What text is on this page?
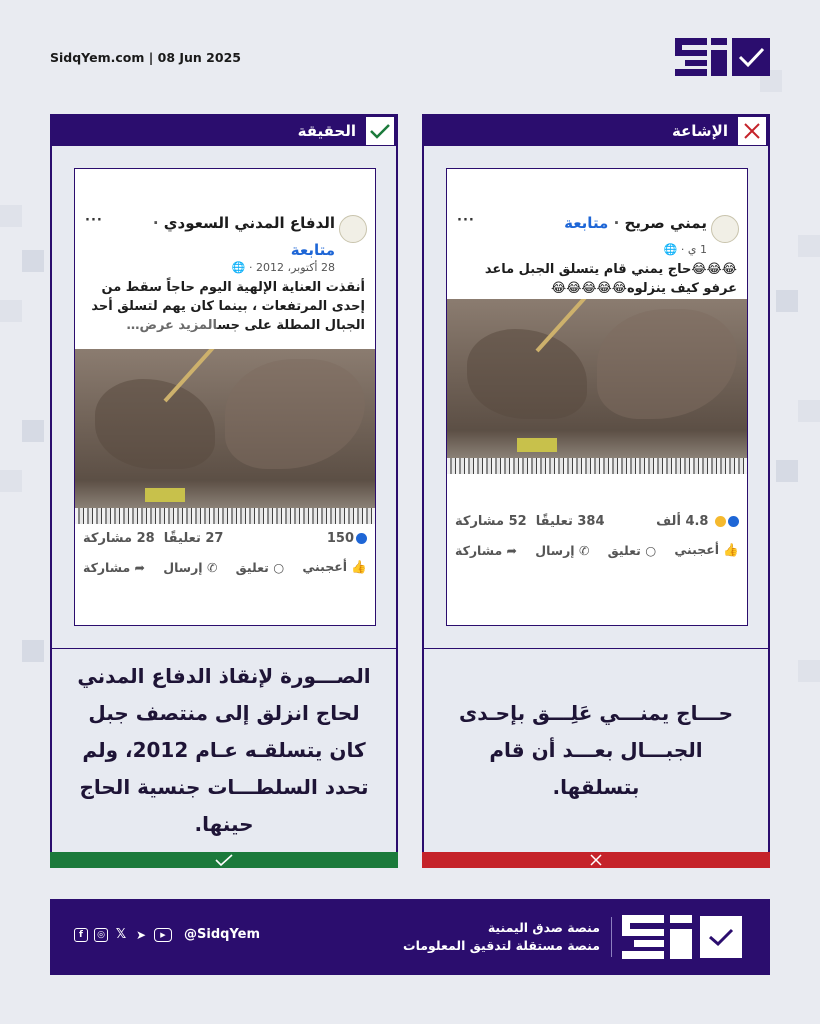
SidqYem.com | 08 Jun 2025
الحقيقة
الدفاع المدني السعودي ·
···
متابعة
28 أكتوبر، 2012 · 🌐
أنقذت العناية الإلهية اليوم حاجاً سقط من إحدى المرتفعات ، بينما كان يهم لتسلق أحد الجبال المطلة على جسالمزيد عرض…
150
27 تعليقًا  28 مشاركة
👍 أعجبني
○ تعليق
✆ إرسال
➦ مشاركة
الصـــورة لإنقاذ الدفاع المدني لحاج انزلق إلى منتصف جبل كان يتسلقـه عـام 2012، ولم تحدد السلطـــات جنسية الحاج حينها.
الإشاعة
يمني صريح · متابعة
···
1 ي · 🌐
😂😂😂حاج يمني قام يتسلق الجبل ماعد عرفو كيف ينزلوه😂😂😂😂😂
4.8 ألف
384 تعليقًا  52 مشاركة
👍 أعجبني
○ تعليق
✆ إرسال
➦ مشاركة
حـــاج يمنـــي عَلِـــق بإحـدى الجبـــال بعـــد أن قام بتسلقها.
منصة صدق اليمنية
منصة مستقلة لتدقيق المعلومات
f	◎ 𝕏 ➤	▶	@SidqYem
